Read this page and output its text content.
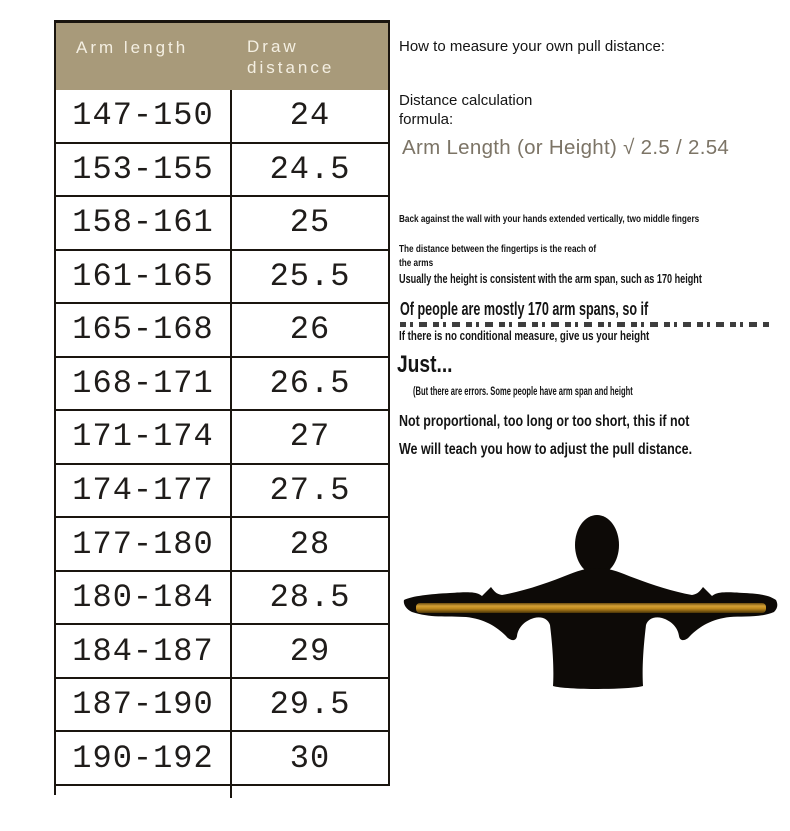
Arm length	Draw distance
147-150	24
153-155	24.5
158-161	25
161-165	25.5
165-168	26
168-171	26.5
171-174	27
174-177	27.5
177-180	28
180-184	28.5
184-187	29
187-190	29.5
190-192	30
How to measure your own pull distance:
Distance calculation formula:
Arm Length (or Height) √ 2.5 / 2.54
Back against the wall with your hands extended vertically, two middle fingers
The distance between the fingertips is the reach of the arms
Usually the height is consistent with the arm span, such as 170 height
Of people are mostly 170 arm spans, so if
If there is no conditional measure, give us your height
Just...
(But there are errors. Some people have arm span and height
Not proportional, too long or too short, this if not
We will teach you how to adjust the pull distance.
